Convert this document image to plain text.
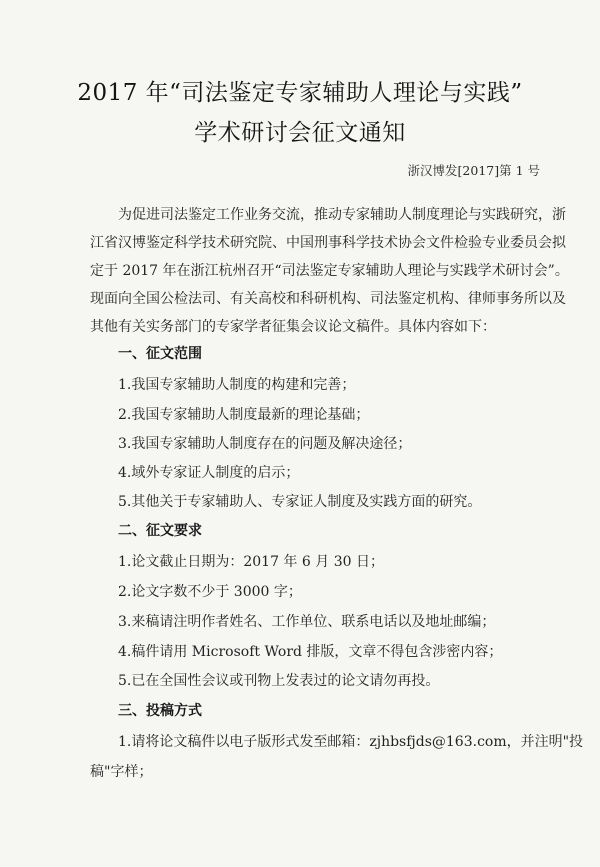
2017 年“司法鉴定专家辅助人理论与实践”
学术研讨会征文通知
浙汉博发[2017]第 1 号
为促进司法鉴定工作业务交流，推动专家辅助人制度理论与实践研究，浙
江省汉博鉴定科学技术研究院、中国刑事科学技术协会文件检验专业委员会拟
定于 2017 年在浙江杭州召开“司法鉴定专家辅助人理论与实践学术研讨会”。
现面向全国公检法司、有关高校和科研机构、司法鉴定机构、律师事务所以及
其他有关实务部门的专家学者征集会议论文稿件。具体内容如下：
一、征文范围
1.我国专家辅助人制度的构建和完善；
2.我国专家辅助人制度最新的理论基础；
3.我国专家辅助人制度存在的问题及解决途径；
4.域外专家证人制度的启示；
5.其他关于专家辅助人、专家证人制度及实践方面的研究。
二、征文要求
1.论文截止日期为：2017 年 6 月 30 日；
2.论文字数不少于 3000 字；
3.来稿请注明作者姓名、工作单位、联系电话以及地址邮编；
4.稿件请用 Microsoft Word 排版，文章不得包含涉密内容；
5.已在全国性会议或刊物上发表过的论文请勿再投。
三、投稿方式
1.请将论文稿件以电子版形式发至邮箱：zjhbsfjds@163.com，并注明"投
稿"字样；
